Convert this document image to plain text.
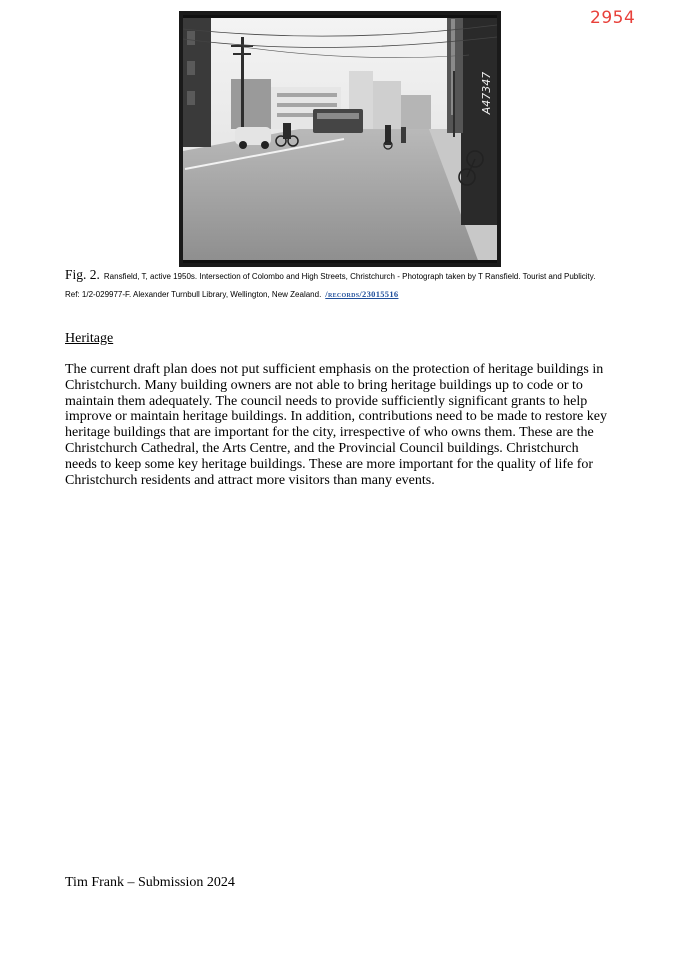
2954
A47347
Fig. 2. Ransfield, T, active 1950s. Intersection of Colombo and High Streets, Christchurch - Photograph taken by T Ransfield. Tourist and Publicity.
Ref: 1/2-029977-F. Alexander Turnbull Library, Wellington, New Zealand. /records/23015516
Heritage
The current draft plan does not put sufficient emphasis on the protection of heritage buildings in Christchurch. Many building owners are not able to bring heritage buildings up to code or to maintain them adequately. The council needs to provide sufficiently significant grants to help improve or maintain heritage buildings. In addition, contributions need to be made to restore key heritage buildings that are important for the city, irrespective of who owns them. These are the Christchurch Cathedral, the Arts Centre, and the Provincial Council buildings. Christchurch needs to keep some key heritage buildings. These are more important for the quality of life for Christchurch residents and attract more visitors than many events.
Tim Frank – Submission 2024
